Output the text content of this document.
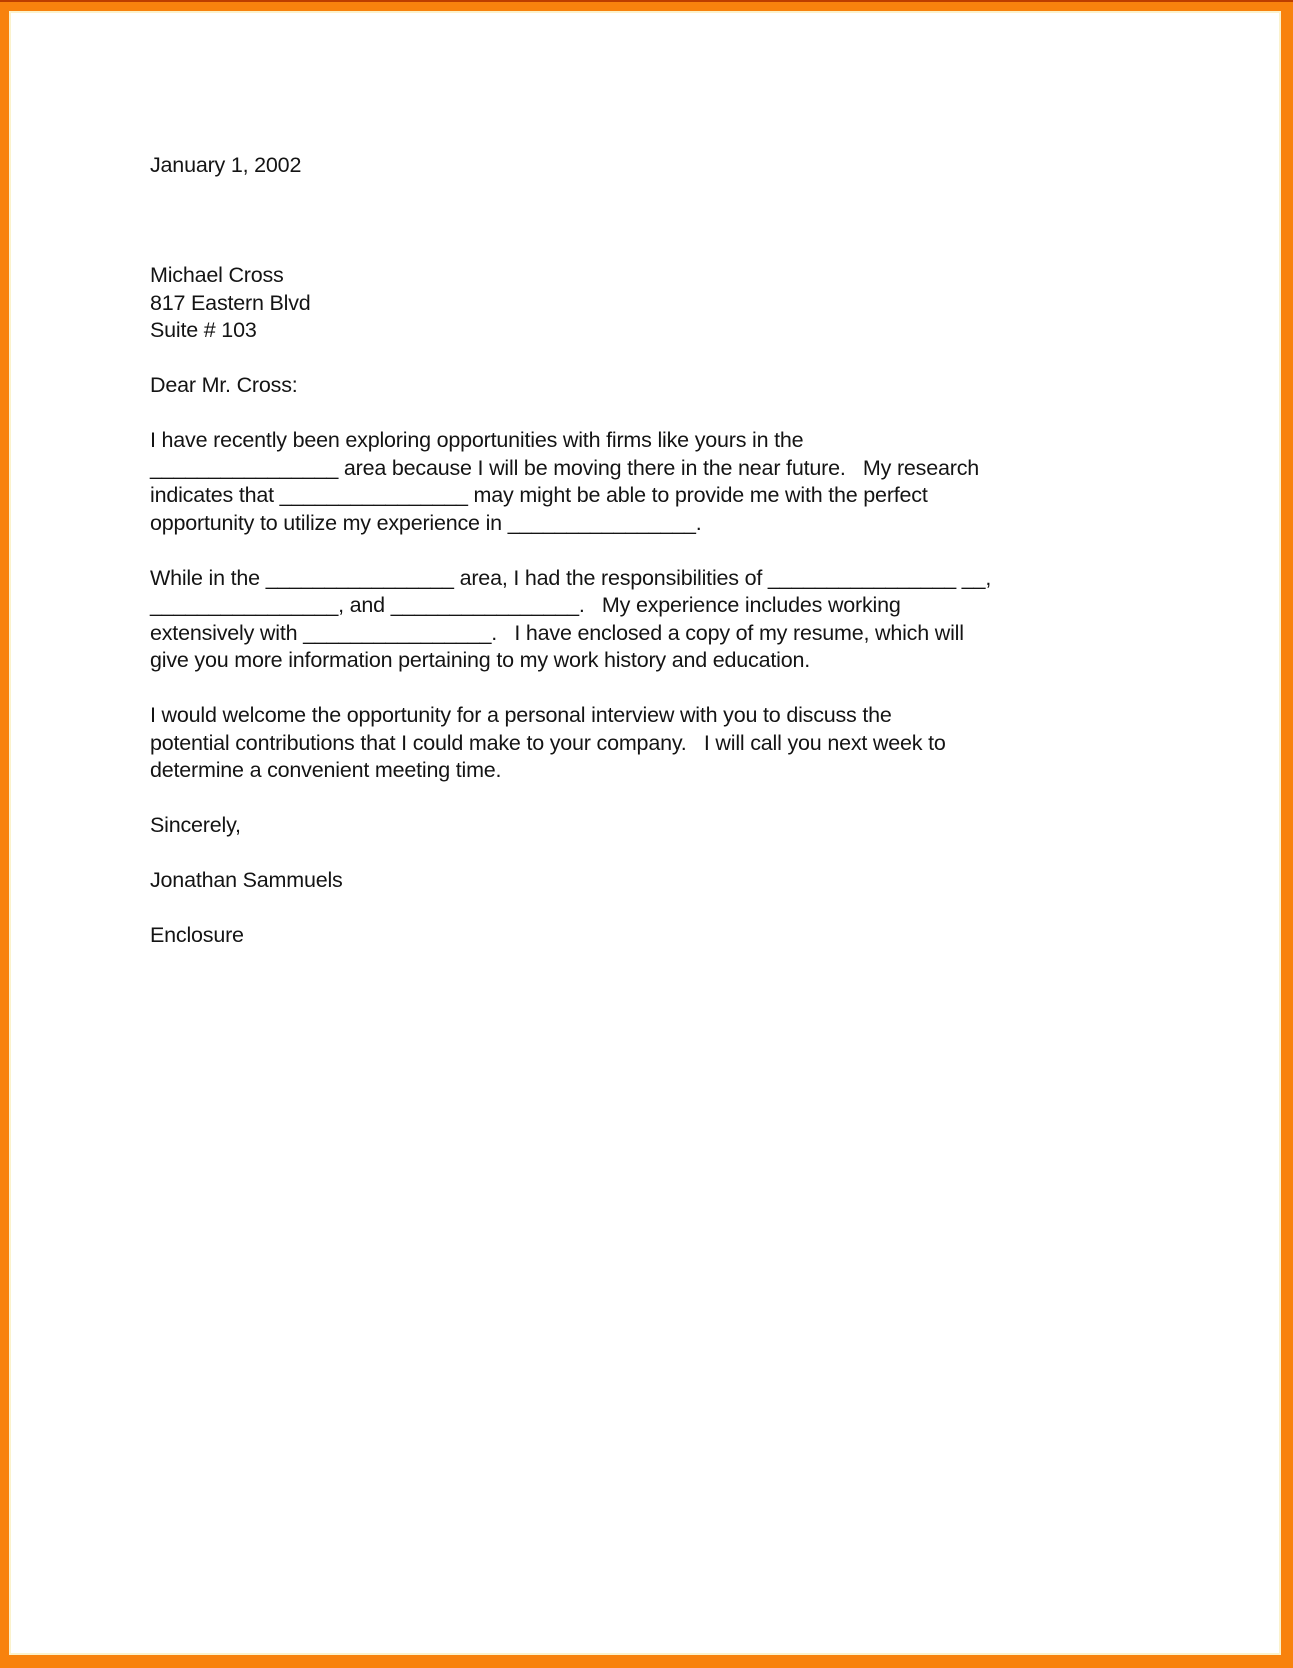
January 1, 2002
Michael Cross
817 Eastern Blvd
Suite # 103
Dear Mr. Cross:
I have recently been exploring opportunities with firms like yours in the
________________ area because I will be moving there in the near future.   My research
indicates that ________________ may might be able to provide me with the perfect
opportunity to utilize my experience in ________________.
While in the ________________ area, I had the responsibilities of ________________ __,
________________, and ________________.   My experience includes working
extensively with ________________.   I have enclosed a copy of my resume, which will
give you more information pertaining to my work history and education.
I would welcome the opportunity for a personal interview with you to discuss the
potential contributions that I could make to your company.   I will call you next week to
determine a convenient meeting time.
Sincerely,
Jonathan Sammuels
Enclosure
